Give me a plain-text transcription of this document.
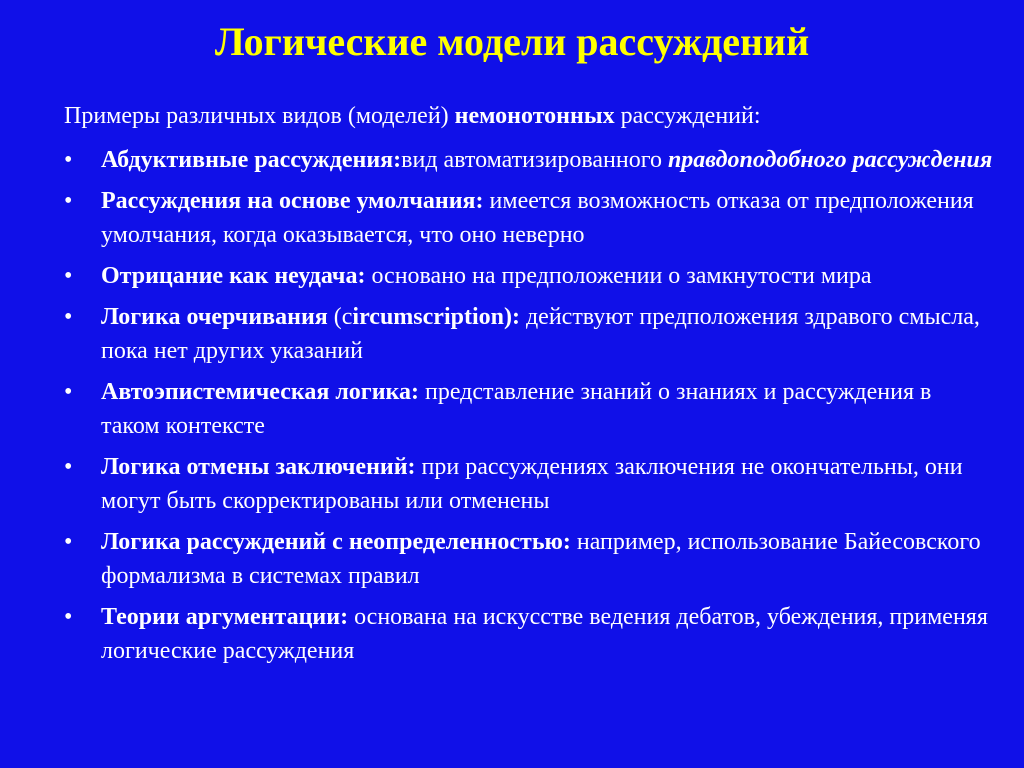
Логические модели рассуждений

Примеры различных видов (моделей) немонотонных рассуждений:

• Абдуктивные рассуждения:вид автоматизированного правдоподобного рассуждения
• Рассуждения на основе умолчания: имеется возможность отказа от предположения умолчания, когда оказывается, что оно неверно
• Отрицание как неудача: основано на предположении о замкнутости мира
• Логика очерчивания (сircumscription): действуют предположения здравого смысла, пока нет других указаний
• Автоэпистемическая логика: представление знаний о знаниях и рассуждения в таком контексте
• Логика отмены заключений: при рассуждениях заключения не окончательны, они могут быть скорректированы или отменены
• Логика рассуждений с неопределенностью: например, использование Байесовского формализма в системах правил
• Теории аргументации: основана на искусстве ведения дебатов, убеждения, применяя логические рассуждения
